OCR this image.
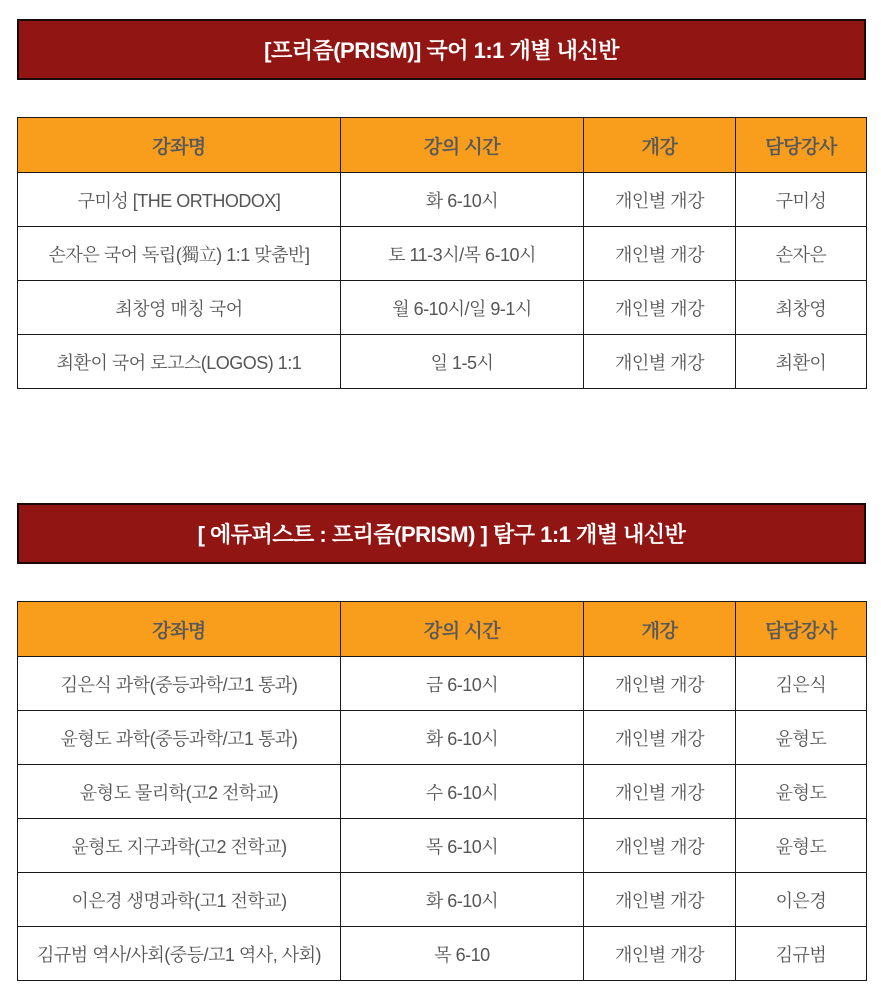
[프리즘(PRISM)] 국어 1:1 개별 내신반
강좌명	강의 시간	개강	담당강사
구미성 [THE ORTHODOX]	화 6-10시	개인별 개강	구미성
손자은 국어 독립(獨立) 1:1 맞춤반]	토 11-3시/목 6-10시	개인별 개강	손자은
최창영 매칭 국어	월 6-10시/일 9-1시	개인별 개강	최창영
최환이 국어 로고스(LOGOS) 1:1	일 1-5시	개인별 개강	최환이
[ 에듀퍼스트 : 프리즘(PRISM) ] 탐구 1:1 개별 내신반
강좌명	강의 시간	개강	담당강사
김은식 과학(중등과학/고1 통과)	금 6-10시	개인별 개강	김은식
윤형도 과학(중등과학/고1 통과)	화 6-10시	개인별 개강	윤형도
윤형도 물리학(고2 전학교)	수 6-10시	개인별 개강	윤형도
윤형도 지구과학(고2 전학교)	목 6-10시	개인별 개강	윤형도
이은경 생명과학(고1 전학교)	화 6-10시	개인별 개강	이은경
김규범 역사/사회(중등/고1 역사, 사회)	목 6-10	개인별 개강	김규범
